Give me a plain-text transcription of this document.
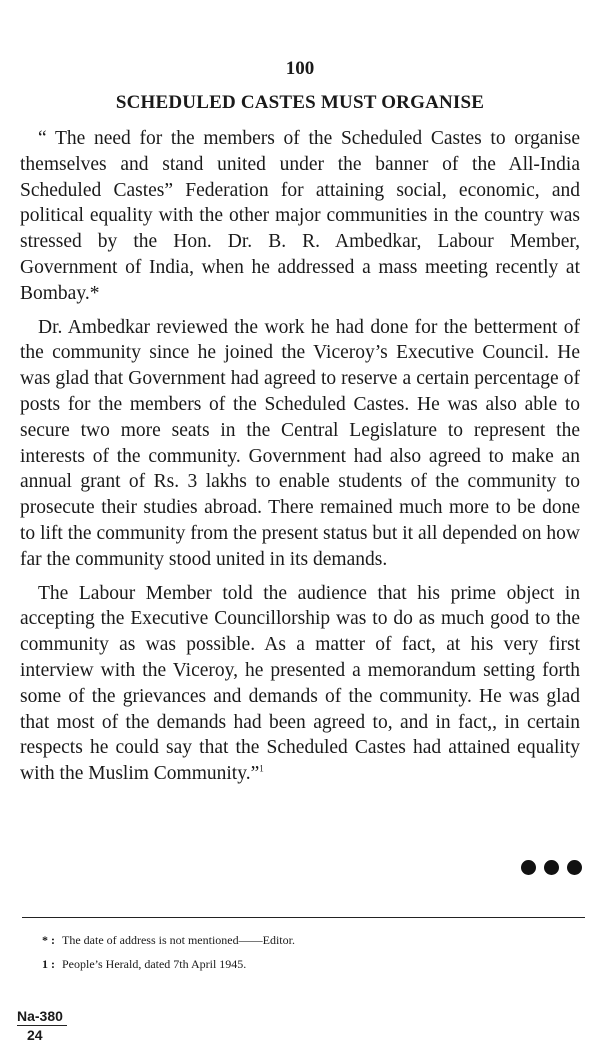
100
SCHEDULED CASTES MUST ORGANISE

“ The need for the members of the Scheduled Castes to organise themselves and stand united under the banner of the All-India Scheduled Castes” Federation for attaining social, economic, and political equality with the other major communities in the country was stressed by the Hon. Dr. B. R. Ambedkar, Labour Member, Government of India, when he addressed a mass meeting recently at Bombay.*

Dr. Ambedkar reviewed the work he had done for the betterment of the community since he joined the Viceroy’s Executive Council. He was glad that Government had agreed to reserve a certain percentage of posts for the members of the Scheduled Castes. He was also able to secure two more seats in the Central Legislature to represent the interests of the community. Government had also agreed to make an annual grant of Rs. 3 lakhs to enable students of the community to prosecute their studies abroad. There remained much more to be done to lift the community from the present status but it all depended on how far the community stood united in its demands.

The Labour Member told the audience that his prime object in accepting the Executive Councillorship was to do as much good to the community as was possible. As a matter of fact, at his very first interview with the Viceroy, he presented a memorandum setting forth some of the grievances and demands of the community. He was glad that most of the demands had been agreed to, and in fact,, in certain respects he could say that the Scheduled Castes had attained equality with the Muslim Community.”$^1$

* : The date of address is not mentioned——Editor.

1 : People’s Herald, dated 7th April 1945.

Na-380
24
